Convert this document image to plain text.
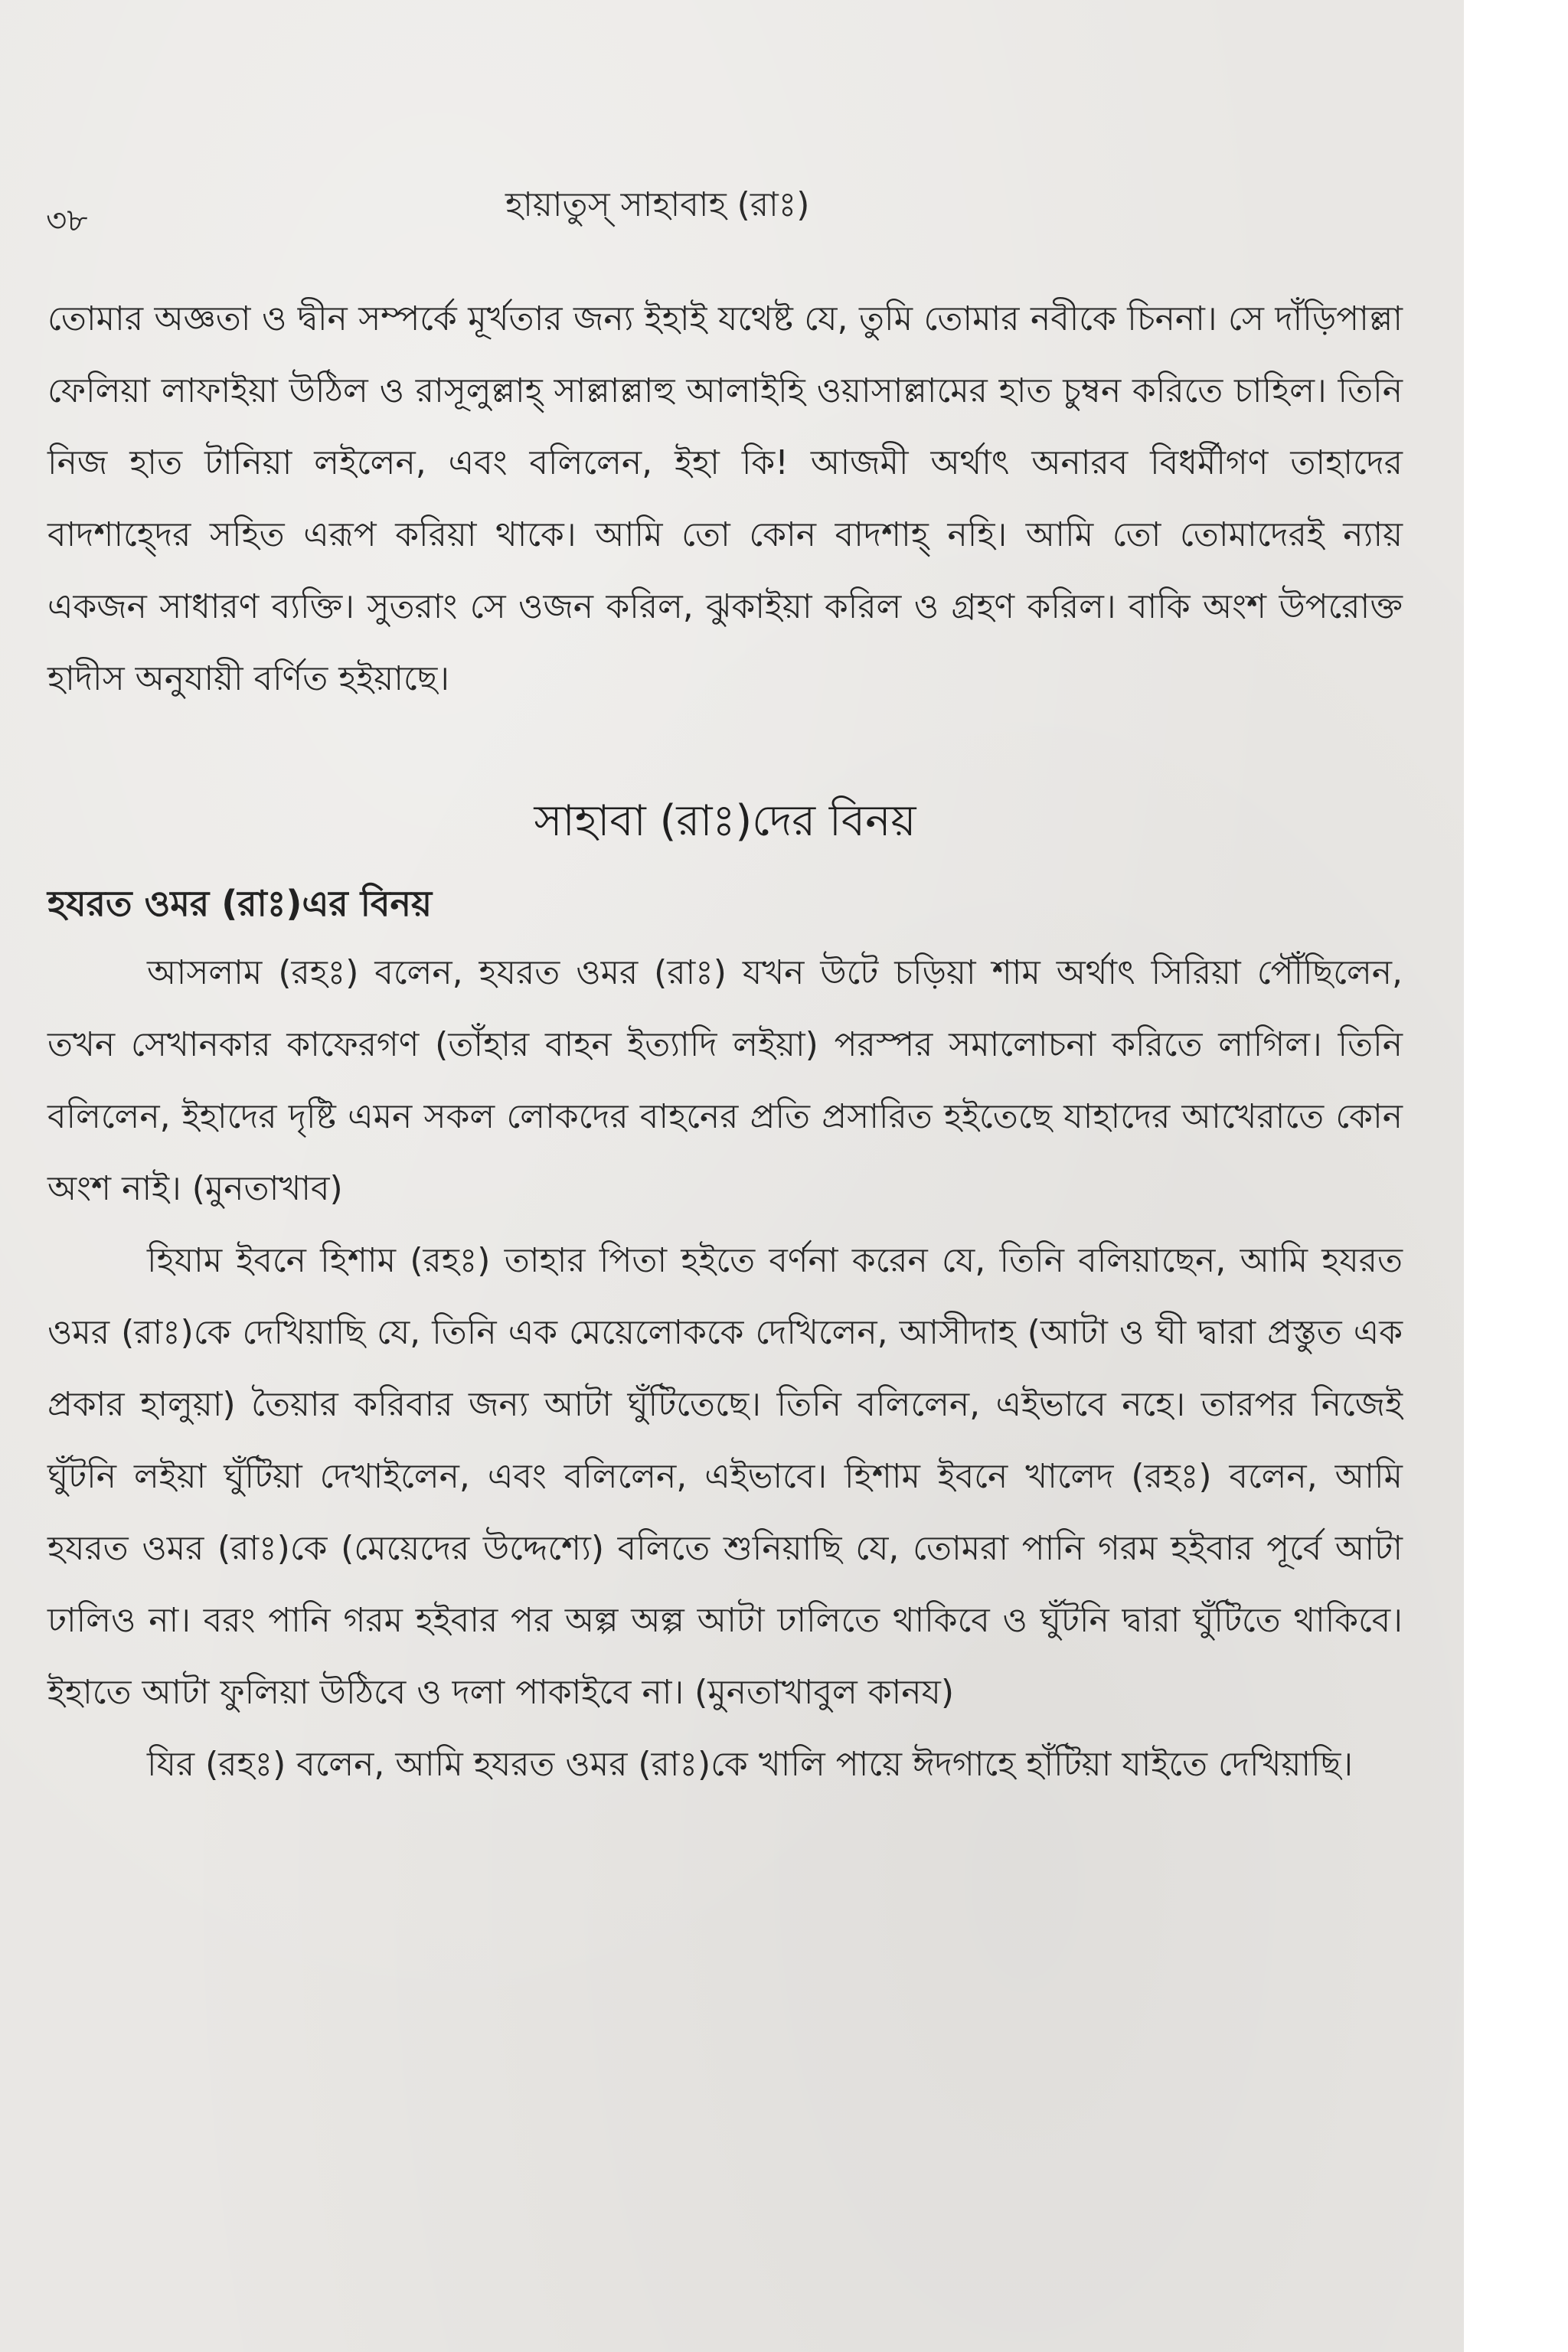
৩৮	হায়াতুস্ সাহাবাহ (রাঃ)

তোমার অজ্ঞতা ও দ্বীন সম্পর্কে মূর্খতার জন্য ইহাই যথেষ্ট যে, তুমি তোমার নবীকে চিননা। সে দাঁড়িপাল্লা ফেলিয়া লাফাইয়া উঠিল ও রাসূলুল্লাহ্ সাল্লাল্লাহু আলাইহি ওয়াসাল্লামের হাত চুম্বন করিতে চাহিল। তিনি নিজ হাত টানিয়া লইলেন, এবং বলিলেন, ইহা কি! আজমী অর্থাৎ অনারব বিধর্মীগণ তাহাদের বাদশাহ্দের সহিত এরূপ করিয়া থাকে। আমি তো কোন বাদশাহ্ নহি। আমি তো তোমাদেরই ন্যায় একজন সাধারণ ব্যক্তি। সুতরাং সে ওজন করিল, ঝুকাইয়া করিল ও গ্রহণ করিল। বাকি অংশ উপরোক্ত হাদীস অনুযায়ী বর্ণিত হইয়াছে।

সাহাবা (রাঃ)দের বিনয়
হযরত ওমর (রাঃ)এর বিনয়

আসলাম (রহঃ) বলেন, হযরত ওমর (রাঃ) যখন উটে চড়িয়া শাম অর্থাৎ সিরিয়া পৌঁছিলেন, তখন সেখানকার কাফেরগণ (তাঁহার বাহন ইত্যাদি লইয়া) পরস্পর সমালোচনা করিতে লাগিল। তিনি বলিলেন, ইহাদের দৃষ্টি এমন সকল লোকদের বাহনের প্রতি প্রসারিত হইতেছে যাহাদের আখেরাতে কোন অংশ নাই। (মুনতাখাব)

হিযাম ইবনে হিশাম (রহঃ) তাহার পিতা হইতে বর্ণনা করেন যে, তিনি বলিয়াছেন, আমি হযরত ওমর (রাঃ)কে দেখিয়াছি যে, তিনি এক মেয়েলোককে দেখিলেন, আসীদাহ (আটা ও ঘী দ্বারা প্রস্তুত এক প্রকার হালুয়া) তৈয়ার করিবার জন্য আটা ঘুঁটিতেছে। তিনি বলিলেন, এইভাবে নহে। তারপর নিজেই ঘুঁটনি লইয়া ঘুঁটিয়া দেখাইলেন, এবং বলিলেন, এইভাবে। হিশাম ইবনে খালেদ (রহঃ) বলেন, আমি হযরত ওমর (রাঃ)কে (মেয়েদের উদ্দেশ্যে) বলিতে শুনিয়াছি যে, তোমরা পানি গরম হইবার পূর্বে আটা ঢালিও না। বরং পানি গরম হইবার পর অল্প অল্প আটা ঢালিতে থাকিবে ও ঘুঁটনি দ্বারা ঘুঁটিতে থাকিবে। ইহাতে আটা ফুলিয়া উঠিবে ও দলা পাকাইবে না। (মুনতাখাবুল কানয)

যির (রহঃ) বলেন, আমি হযরত ওমর (রাঃ)কে খালি পায়ে ঈদগাহে হাঁটিয়া যাইতে দেখিয়াছি।
